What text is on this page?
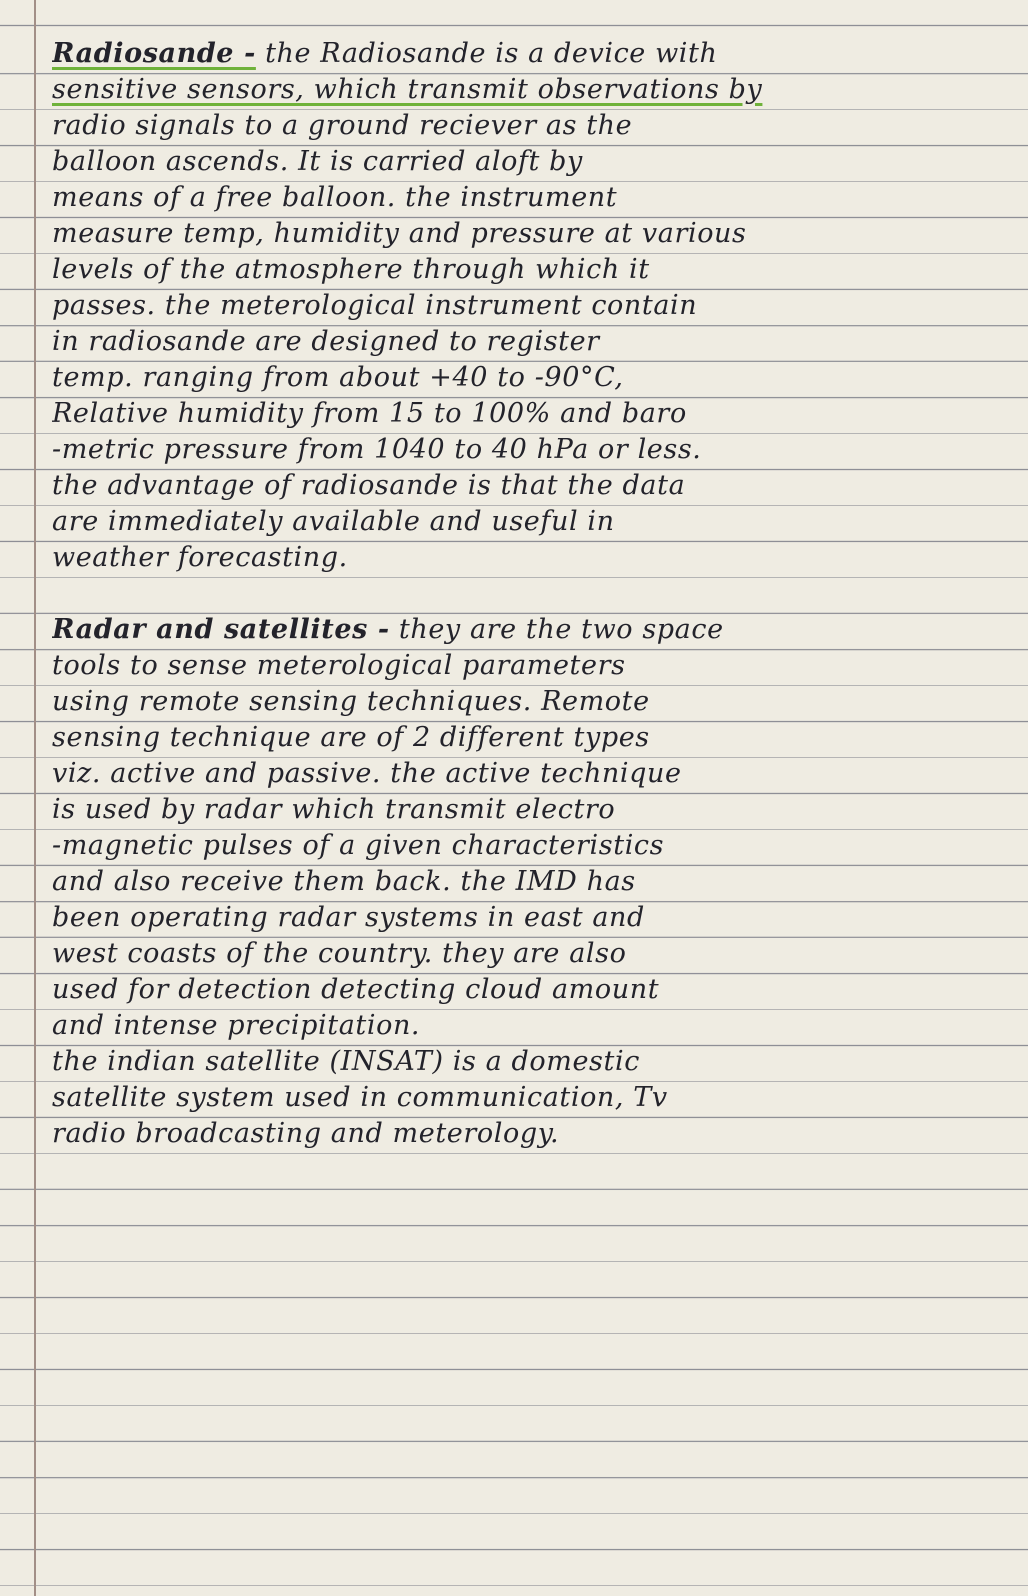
Radiosande - the Radiosande is a device with
sensitive sensors, which transmit observations by
radio signals to a ground reciever as the
balloon ascends. It is carried aloft by
means of a free balloon. the instrument
measure temp, humidity and pressure at various
levels of the atmosphere through which it
passes. the meterological instrument contain
in radiosande are designed to register
temp. ranging from about +40 to -90°C,
Relative humidity from 15 to 100% and baro
-metric pressure from 1040 to 40 hPa or less.
the advantage of radiosande is that the data
are immediately available and useful in
weather forecasting.
Radar and satellites - they are the two space
tools to sense meterological parameters
using remote sensing techniques. Remote
sensing technique are of 2 different types
viz. active and passive. the active technique
is used by radar which transmit electro
-magnetic pulses of a given characteristics
and also receive them back. the IMD has
been operating radar systems in east and
west coasts of the country. they are also
used for detection detecting cloud amount
and intense precipitation.
the indian satellite (INSAT) is a domestic
satellite system used in communication, Tv
radio broadcasting and meterology.
